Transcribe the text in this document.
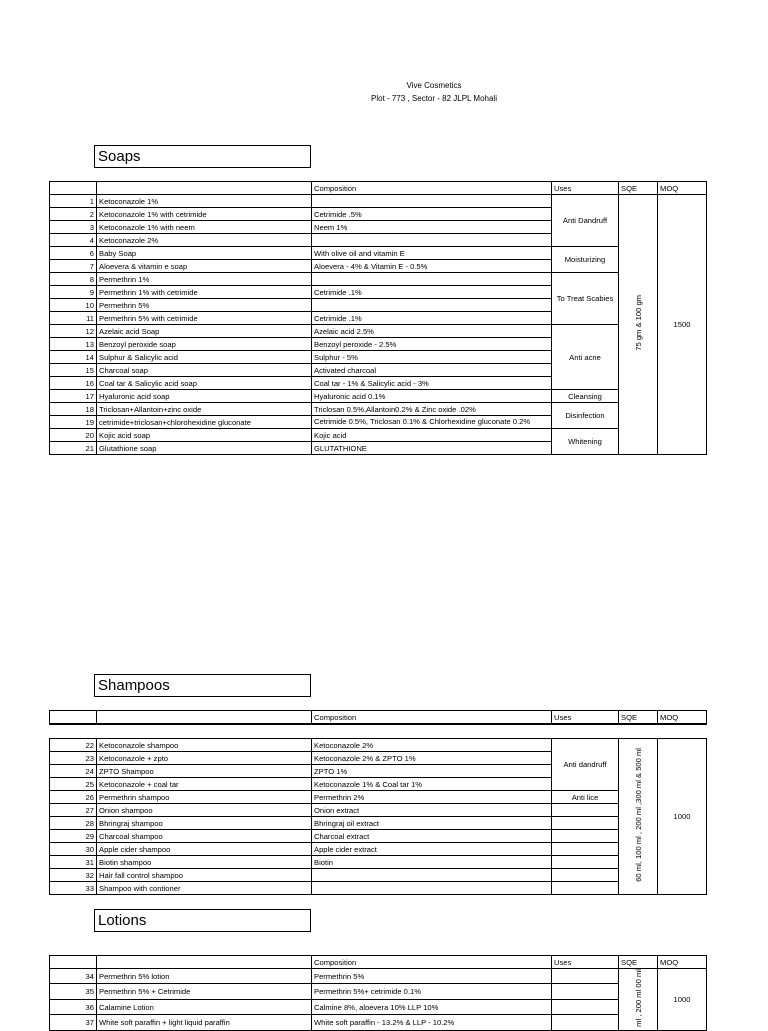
Vive Cosmetics
Plot - 773 , Sector - 82 JLPL Mohali
Soaps
		Composition	Uses	SQE	MOQ
1	Ketoconazole 1%		Anti Dandruff	75 gm & 100 gm	1500
2	Ketoconazole 1% with cetrimide	Cetrimide .5%			
3	Ketoconazole 1% with neem	Neem 1%			
4	Ketoconazole 2%				
6	Baby Soap	With olive oil and vitamin E	Moisturizing		
7	Aloevera & vitamin e soap	Aloevera - 4% & Vitamin E - 0.5%			
8	Permethrin 1%		To Treat Scabies		
9	Permethrin 1% with cetrimide	Cetrimide .1%			
10	Permethrin 5%				
11	Permethrin 5% with cetrimide	Cetrimide .1%			
12	Azelaic acid Soap	Azelaic acid 2.5%	Anti acne		
13	Benzoyl peroxide soap	Benzoyl peroxide - 2.5%			
14	Sulphur & Salicylic acid	Sulphur - 5%			
15	Charcoal soap	Activated charcoal			
16	Coal tar & Salicylic acid soap	Coal tar - 1% & Salicylic acid - 3%			
17	Hyaluronic acid soap	Hyaluronic acid 0.1%	Cleansing		
18	Triclosan+Allantoin+zinc oxide	Triclosan 0.5%,Allantoin0.2% & Zinc oxide .02%	Disinfection		
19	cetrimide+triclosan+chlorohexidine gluconate	Cetrimide 0.5%, Triclosan 0.1% & Chlorhexidine gluconate 0.2%			
20	Kojic acid soap	Kojic acid	Whitening		
21	Glutathione soap	GLUTATHIONE			
Shampoos
		Composition	Uses	SQE	MOQ

22	Ketoconazole shampoo	Ketoconazole 2%	Anti dandruff	60 ml, 100 ml , 200 ml ,300 ml & 500 ml	1000
23	Ketoconazole + zpto	Ketoconazole 2% & ZPTO 1%			
24	ZPTO Shampoo	ZPTO 1%			
25	Ketoconazole + coal tar	Ketoconazole 1% & Coal tar 1%			
26	Permethrin shampoo	Permethrin 2%	Anti lice		
27	Onion shampoo	Onion extract			
28	Bhringraj shampoo	Bhringraj oil extract			
29	Charcoal shampoo	Charcoal extract			
30	Apple cider shampoo	Apple cider extract			
31	Biotin shampoo	Biotin			
32	Hair fall control shampoo				
33	Shampoo with contioner				
Lotions
		Composition	Uses	SQE	MOQ
34	Permethrin 5% lotion	Permethrin 5%		ml , 200 ml 00 ml	1000
35	Permethrin 5% + Cetrimide	Permethrin 5%+ cetrimide 0.1%			
36	Calamine Lotion	Calmine 8%, aloevera 10% LLP 10%			
37	White soft paraffin + light liquid paraffin	White soft paraffin - 13.2% & LLP - 10.2%			
